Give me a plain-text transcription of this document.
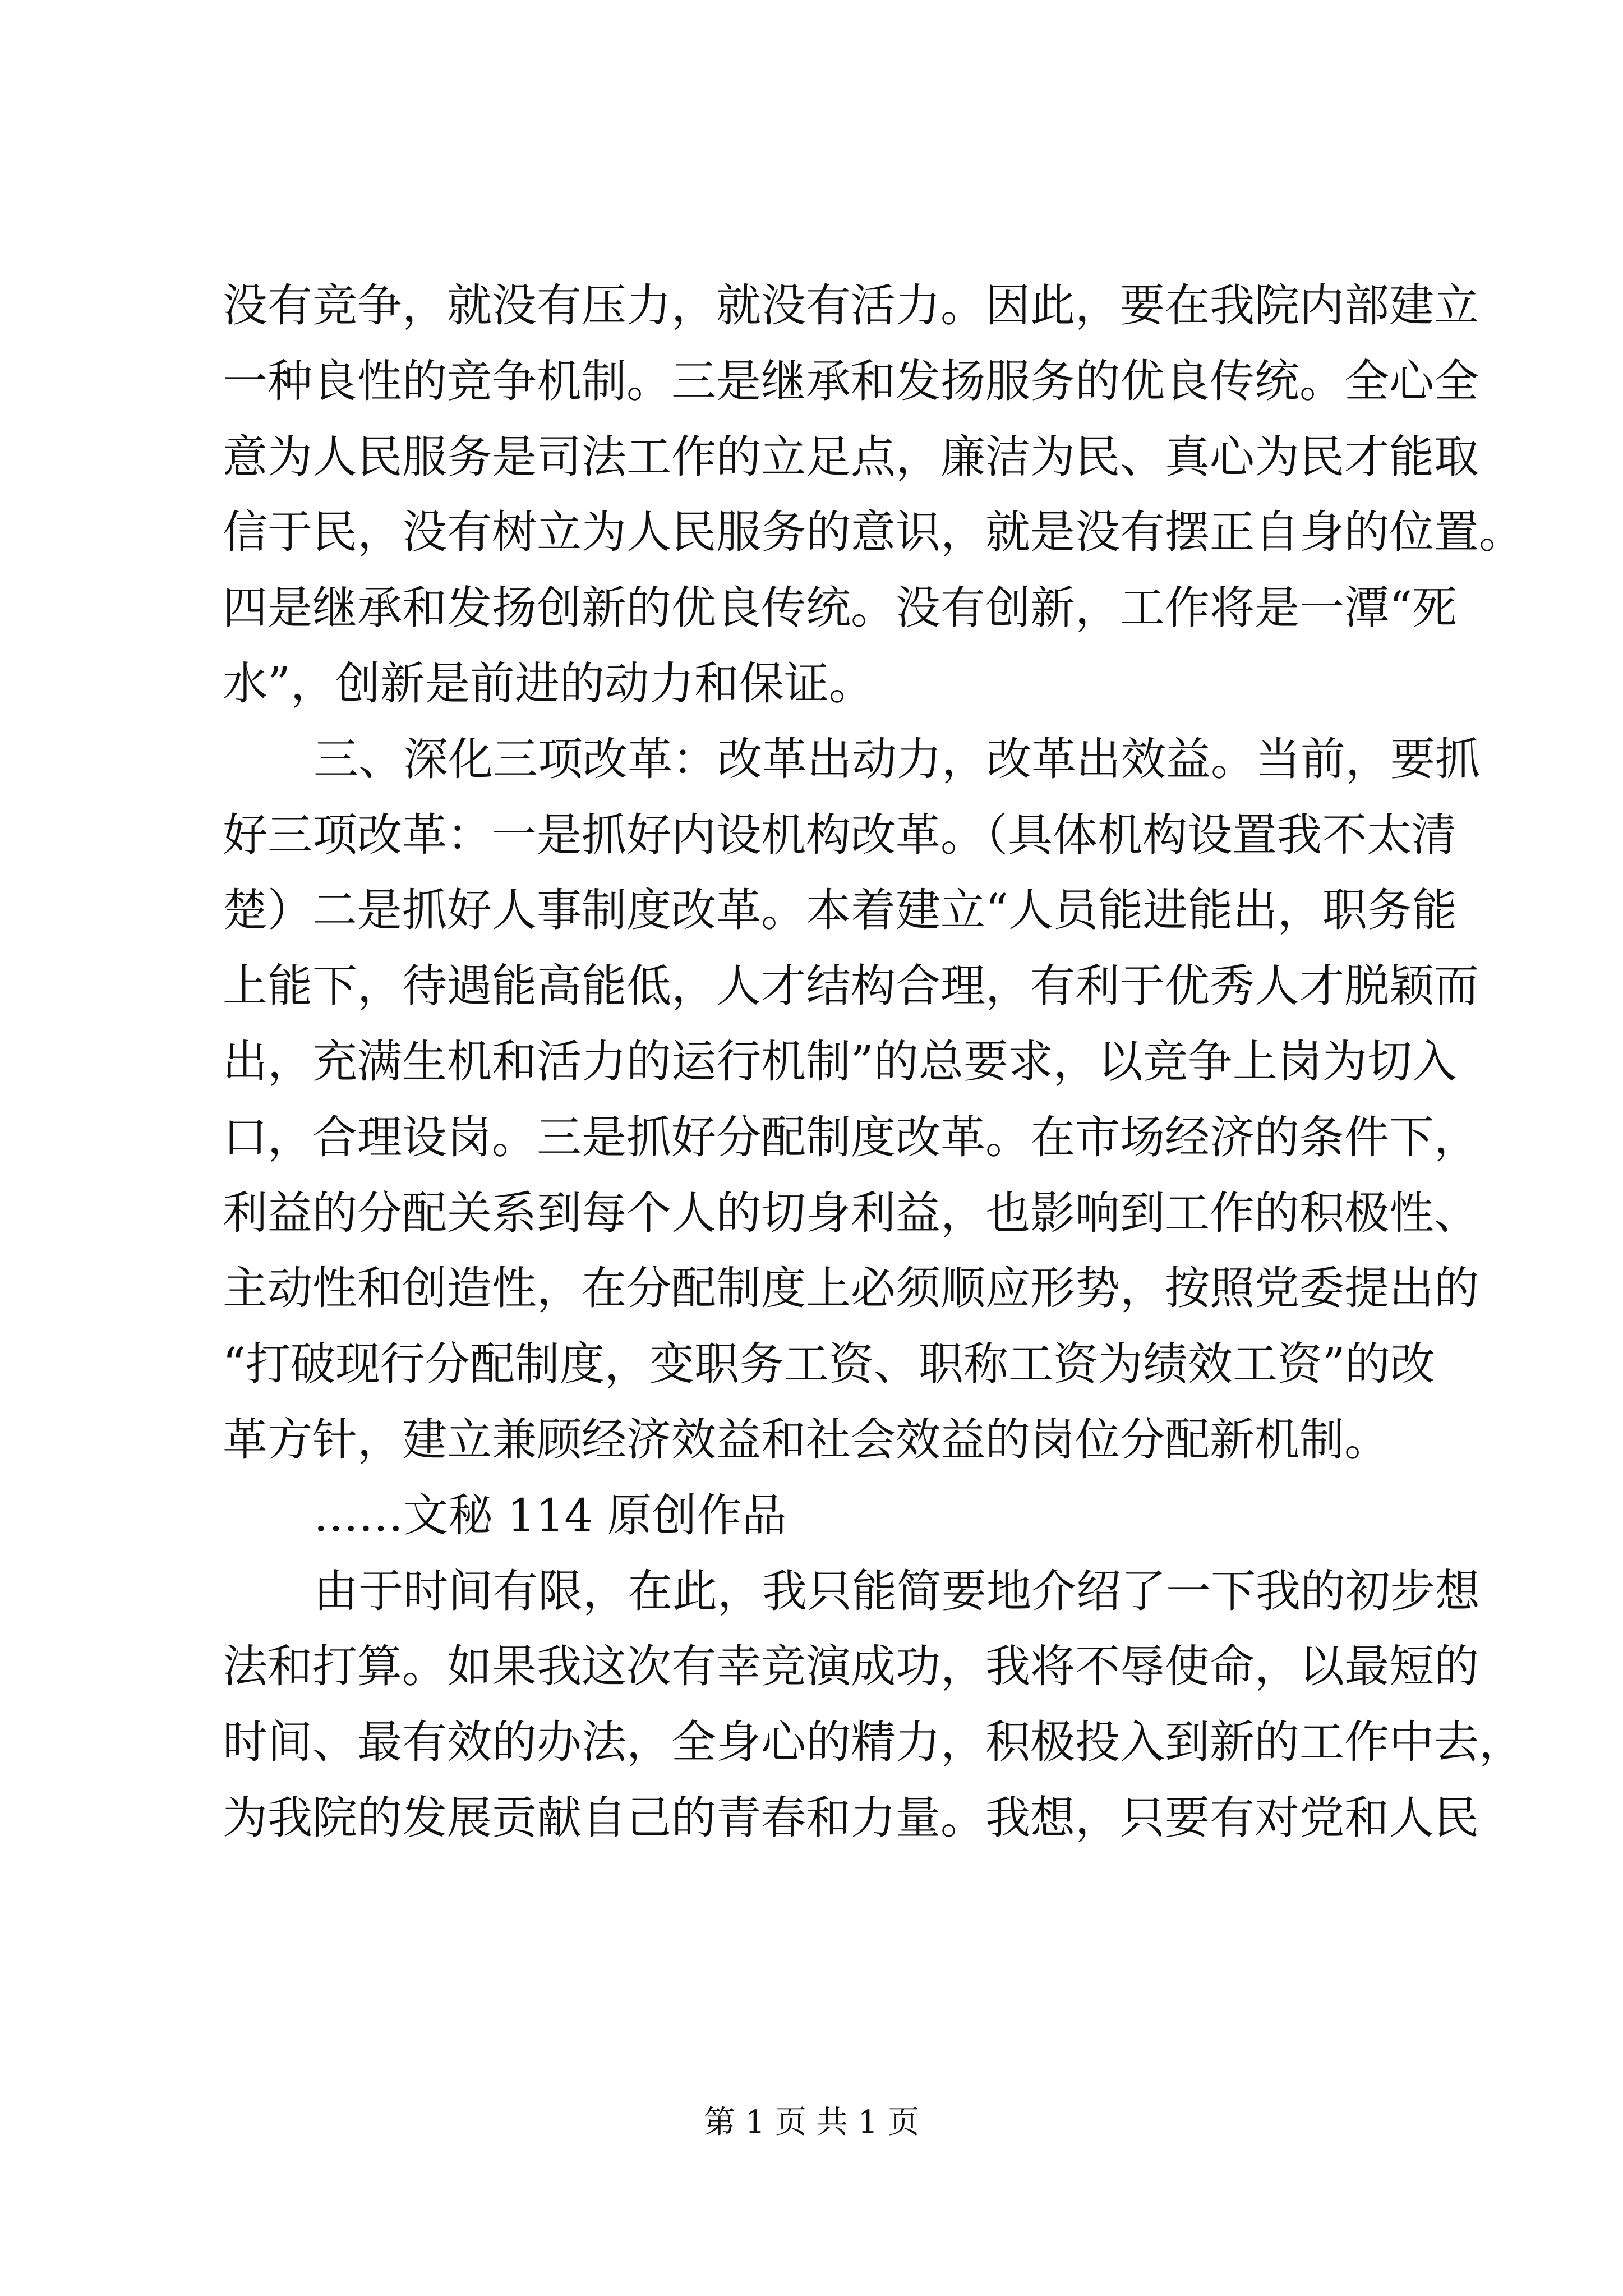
没有竞争，就没有压力，就没有活力。因此，要在我院内部建立
一种良性的竞争机制。三是继承和发扬服务的优良传统。全心全
意为人民服务是司法工作的立足点，廉洁为民、真心为民才能取
信于民，没有树立为人民服务的意识，就是没有摆正自身的位置。
四是继承和发扬创新的优良传统。没有创新，工作将是一潭“死
水”，创新是前进的动力和保证。
三、深化三项改革：改革出动力，改革出效益。当前，要抓
好三项改革：一是抓好内设机构改革。（具体机构设置我不太清
楚）二是抓好人事制度改革。本着建立“人员能进能出，职务能
上能下，待遇能高能低，人才结构合理，有利于优秀人才脱颖而
出，充满生机和活力的运行机制”的总要求，以竞争上岗为切入
口，合理设岗。三是抓好分配制度改革。在市场经济的条件下，
利益的分配关系到每个人的切身利益，也影响到工作的积极性、
主动性和创造性，在分配制度上必须顺应形势，按照党委提出的
“打破现行分配制度，变职务工资、职称工资为绩效工资”的改
革方针，建立兼顾经济效益和社会效益的岗位分配新机制。
……文秘 114 原创作品
由于时间有限，在此，我只能简要地介绍了一下我的初步想
法和打算。如果我这次有幸竞演成功，我将不辱使命，以最短的
时间、最有效的办法，全身心的精力，积极投入到新的工作中去，
为我院的发展贡献自己的青春和力量。我想，只要有对党和人民
第 1 页 共 1 页
